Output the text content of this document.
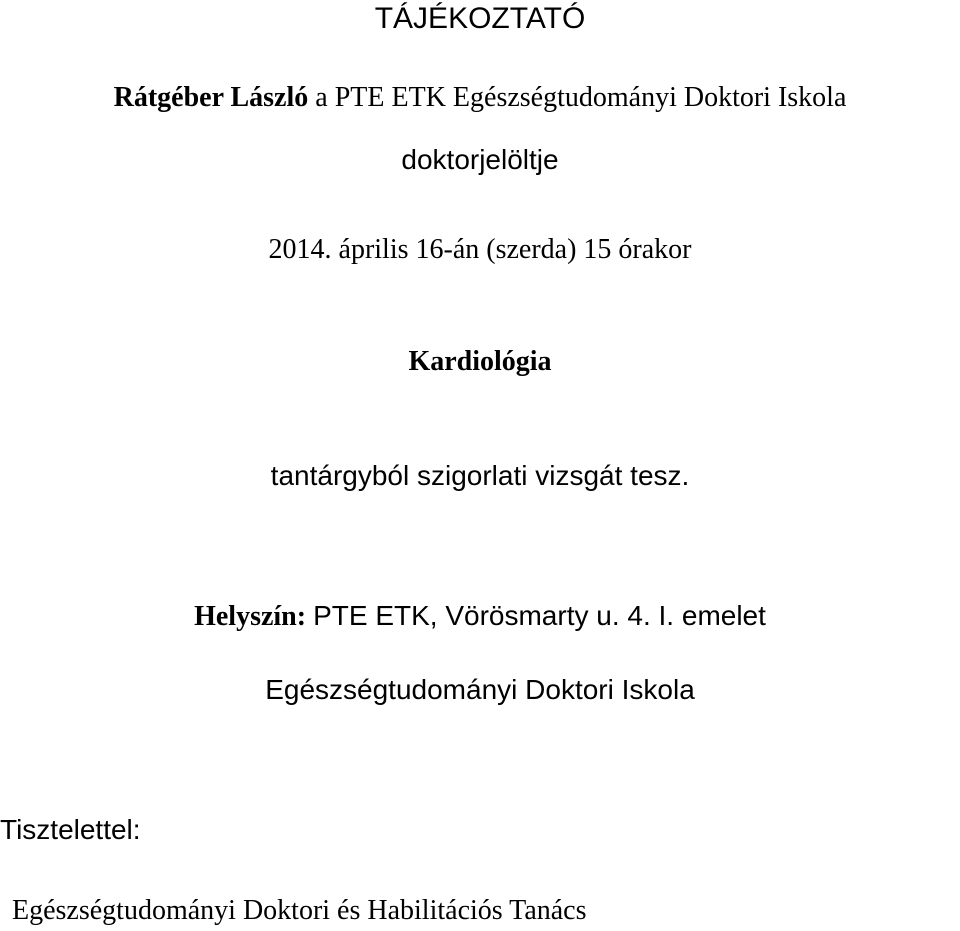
TÁJÉKOZTATÓ
Rátgéber László a PTE ETK Egészségtudományi Doktori Iskola
doktorjelöltje
2014. április 16-án (szerda) 15 órakor
Kardiológia
tantárgyból szigorlati vizsgát tesz.
Helyszín: PTE ETK, Vörösmarty u. 4. I. emelet
Egészségtudományi Doktori Iskola
Tisztelettel:
Egészségtudományi Doktori és Habilitációs Tanács
